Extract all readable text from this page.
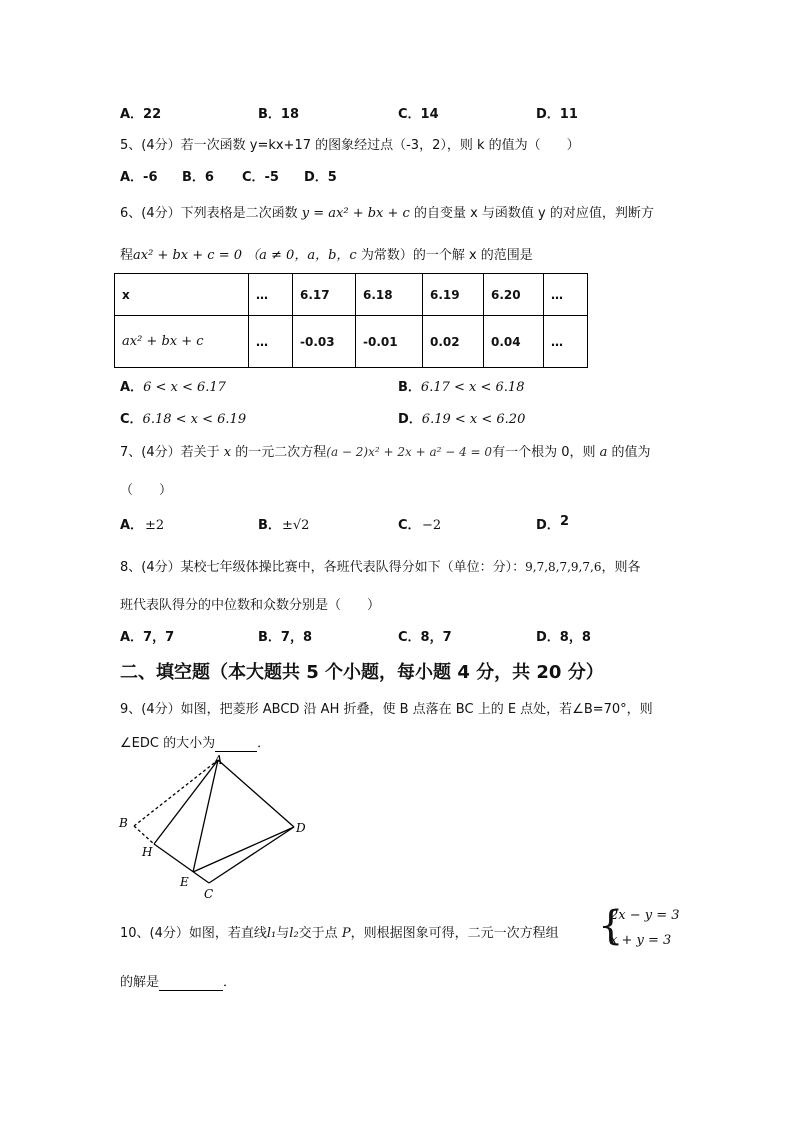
A．22	B．18	C．14	D．11
5、(4分）若一次函数 y=kx+17 的图象经过点（-3，2），则 k 的值为（　　）
A．-6 B．6 C．-5 D．5
6、(4分）下列表格是二次函数 y = ax² + bx + c 的自变量 x 与函数值 y 的对应值，判断方
程ax² + bx + c = 0 （a ≠ 0，a，b，c 为常数）的一个解 x 的范围是
x	…	6.17	6.18	6.19	6.20	…
ax² + bx + c	…	-0.03	-0.01	0.02	0.04	…
A．6 < x < 6.17	B．6.17 < x < 6.18
C．6.18 < x < 6.19	D．6.19 < x < 6.20
7、(4分）若关于 x 的一元二次方程(a − 2)x² + 2x + a² − 4 = 0有一个根为 0，则 a 的值为
（　　）
A． ±2	B． ±√2	C． −2	D． 2
8、(4分）某校七年级体操比赛中，各班代表队得分如下（单位：分）：9,7,8,7,9,7,6，则各
班代表队得分的中位数和众数分别是（　　）
A．7，7	B．7，8	C．8，7	D．8，8
二、填空题（本大题共 5 个小题，每小题 4 分，共 20 分）
9、(4分）如图，把菱形 ABCD 沿 AH 折叠，使 B 点落在 BC 上的 E 点处，若∠B=70°，则
∠EDC 的大小为	．
A
B	D
H
E
C
10、(4分）如图，若直线l₁与l₂交于点 P，则根据图象可得，二元一次方程组 {
2x − y = 3
x + y = 3
的解是	．
